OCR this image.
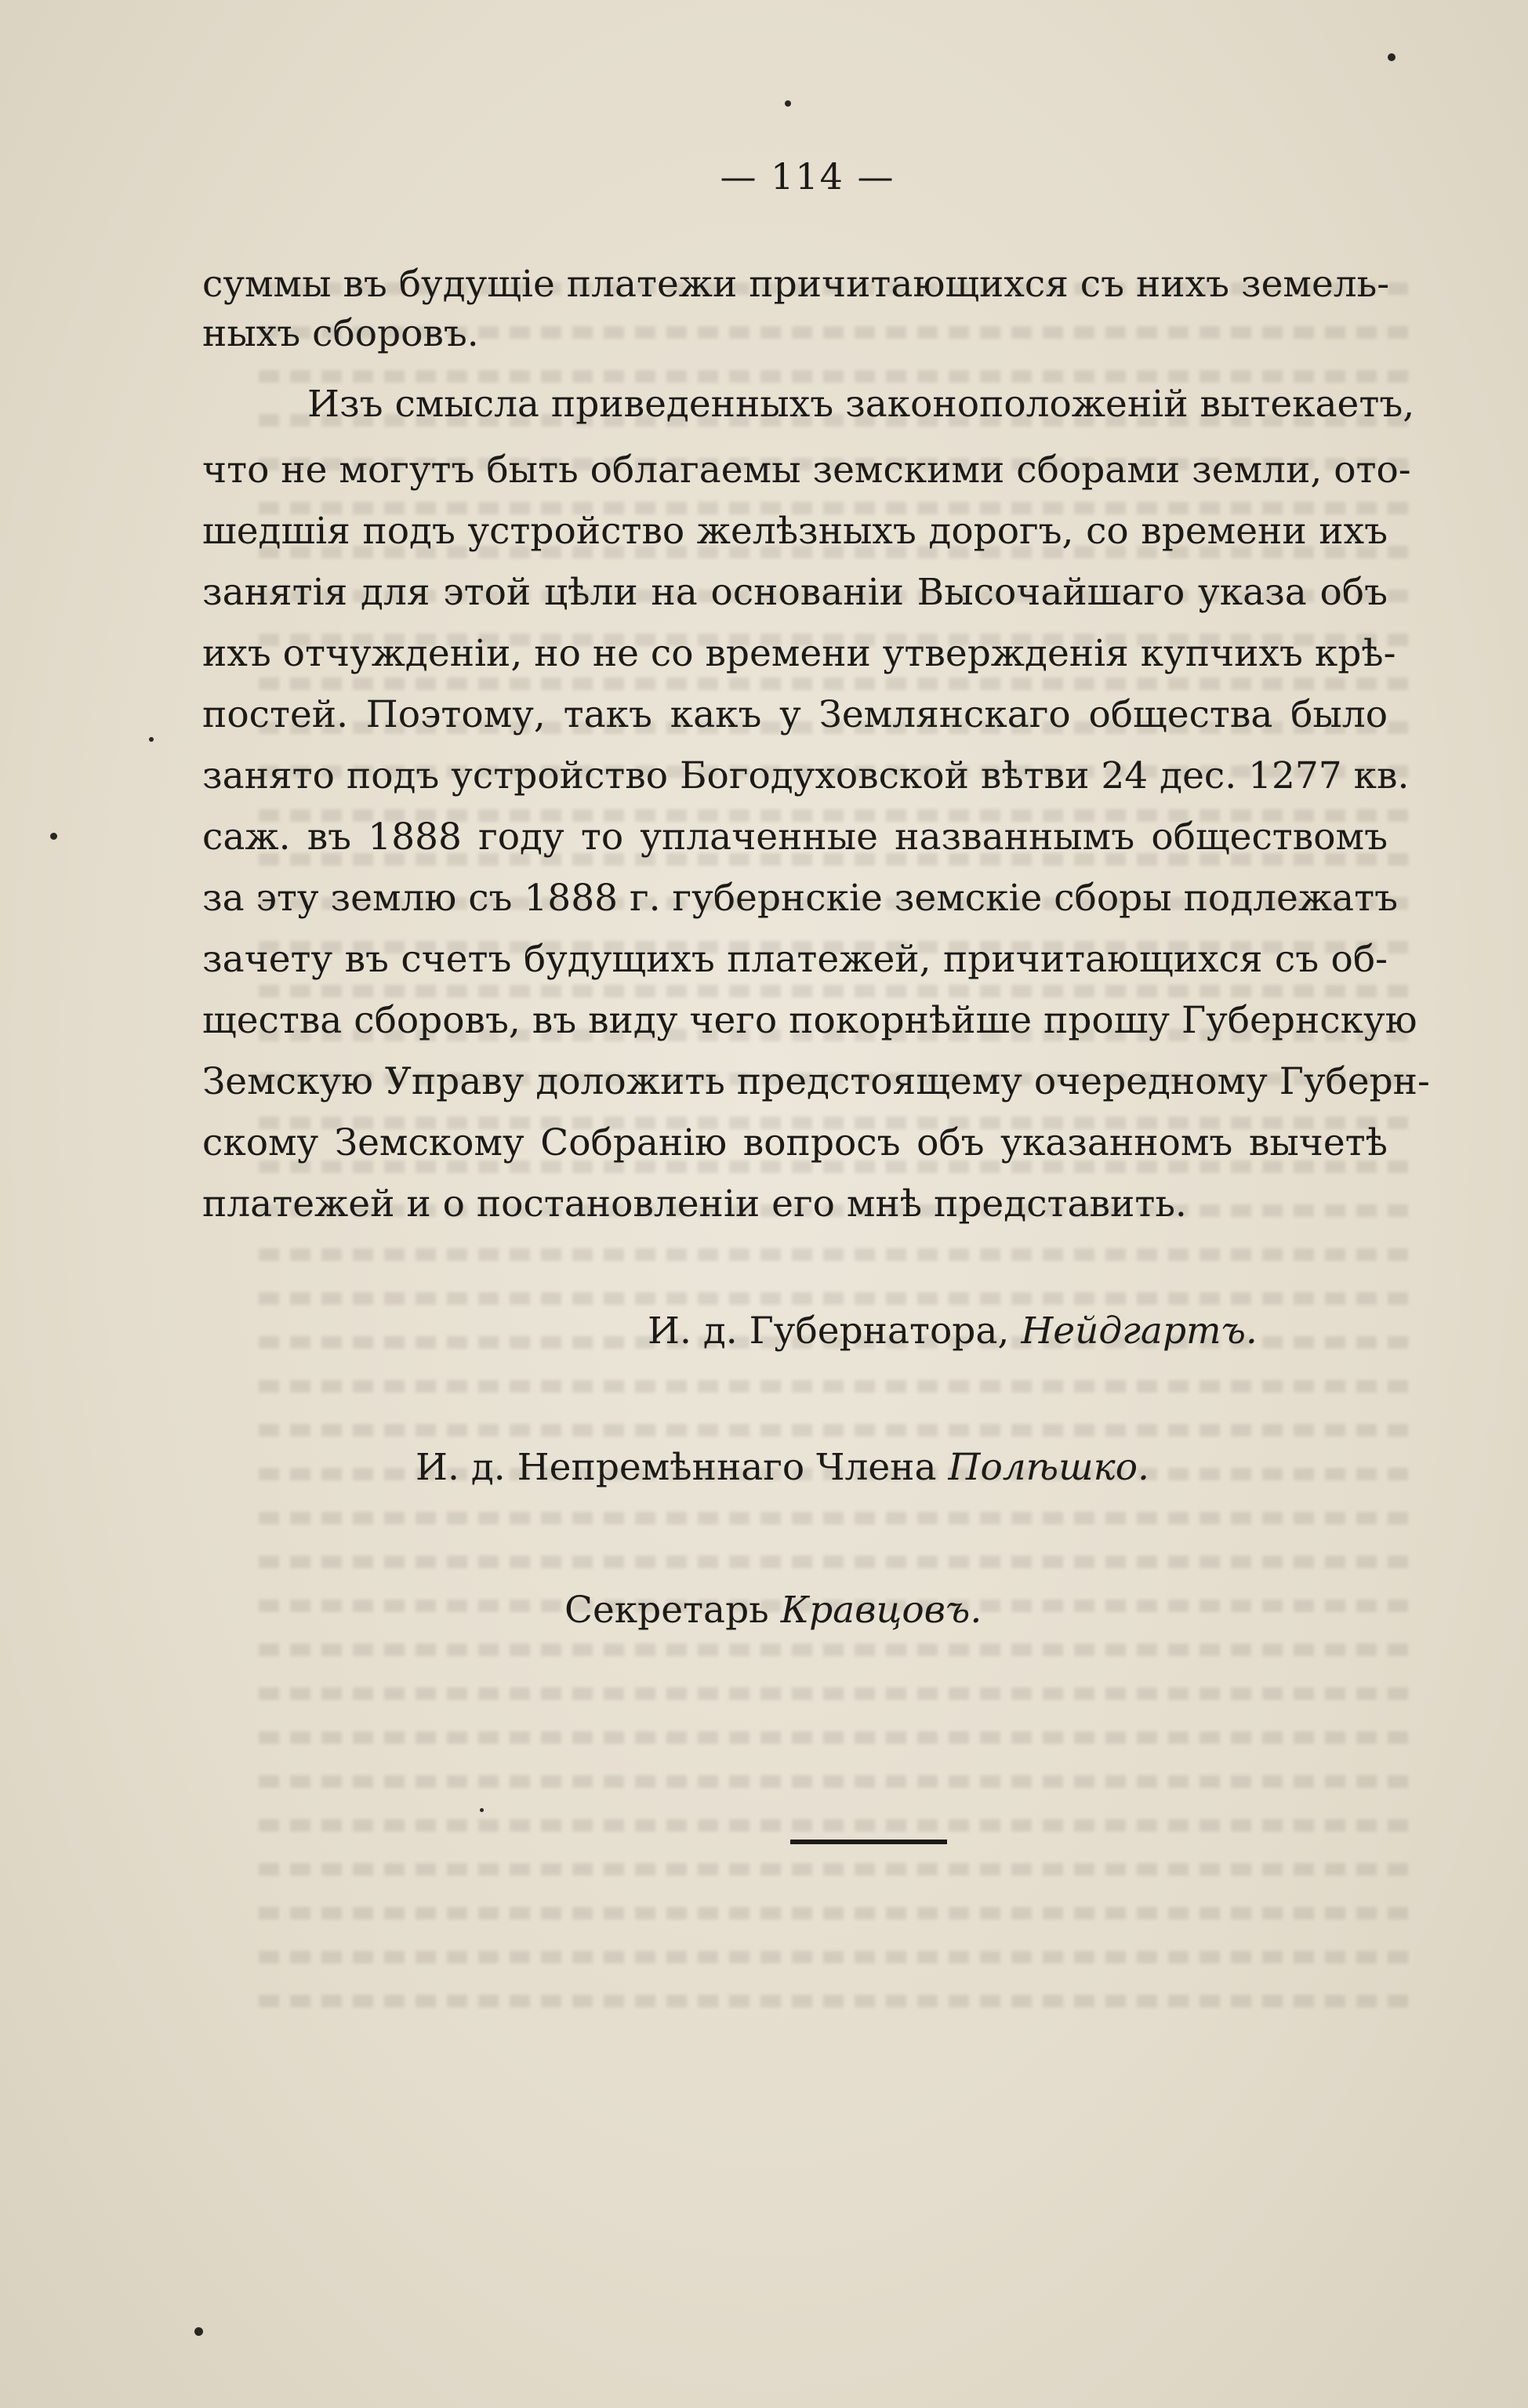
— 114 —
суммы въ будущіе платежи причитающихся съ нихъ земель-
ныхъ сборовъ.
Изъ смысла приведенныхъ законоположеній вытекаетъ,
что не могутъ быть облагаемы земскими сборами земли, ото-
шедшія подъ устройство желѣзныхъ дорогъ, со времени ихъ
занятія для этой цѣли на основаніи Высочайшаго указа объ
ихъ отчужденіи, но не со времени утвержденія купчихъ крѣ-
постей. Поэтому, такъ какъ у Землянскаго общества было
занято подъ устройство Богодуховской вѣтви 24 дес. 1277 кв.
саж. въ 1888 году то уплаченные названнымъ обществомъ
за эту землю съ 1888 г. губернскіе земскіе сборы подлежатъ
зачету въ счетъ будущихъ платежей, причитающихся съ об-
щества сборовъ, въ виду чего покорнѣйше прошу Губернскую
Земскую Управу доложить предстоящему очередному Губерн-
скому Земскому Собранію вопросъ объ указанномъ вычетѣ
платежей и о постановленіи его мнѣ представить.
И. д. Губернатора, Нейдгартъ.
И. д. Непремѣннаго Члена Полѣшко.
Секретарь Кравцовъ.
